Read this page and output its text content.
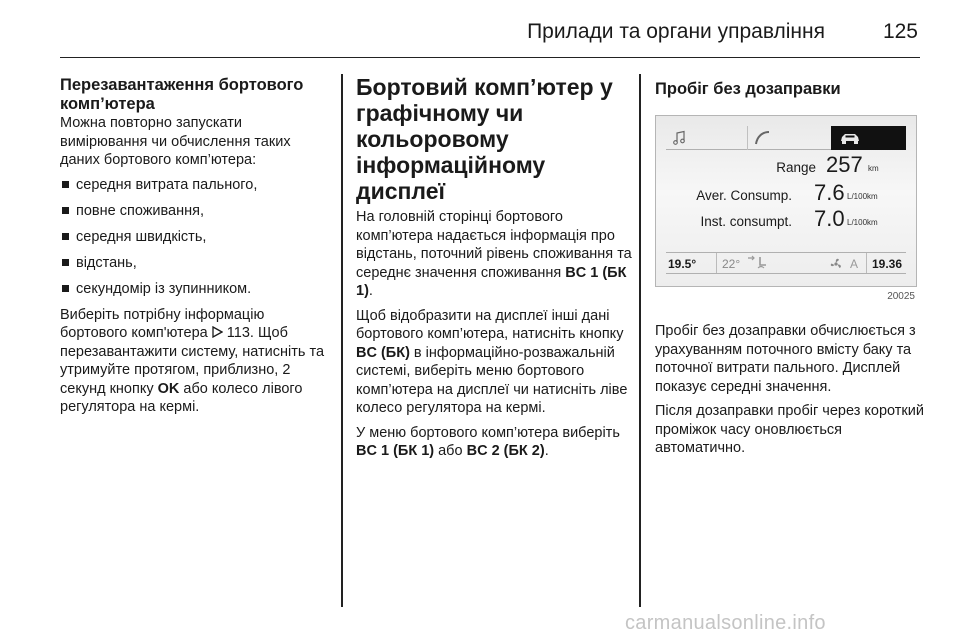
Прилади та органи управління	125
Перезавантаження бортового комп’ютера
Можна повторно запускати вимірювання чи обчислення таких даних бортового комп’ютера:
середня витрата пального,
повне споживання,
середня швидкість,
відстань,
секундомір із зупинником.
Виберіть потрібну інформацію бортового комп'ютера  113. Щоб перезавантажити систему, натисніть та утримуйте протягом, приблизно, 2 секунд кнопку OK або колесо лівого регулятора на кермі.
Бортовий комп’ютер у графічному чи кольоровому інформаційному дисплеї
На головній сторінці бортового комп’ютера надається інформація про відстань, поточний рівень споживання та середнє значення споживання BC 1 (БК 1).
Щоб відобразити на дисплеї інші дані бортового комп’ютера, натисніть кнопку BC (БК) в інформаційно-розважальній системі, виберіть меню бортового комп’ютера на дисплеї чи натисніть ліве колесо регулятора на кермі.
У меню бортового комп’ютера виберіть BC 1 (БК 1) або BC 2 (БК 2).
Пробіг без дозаправки
Range 257 km
Aver. Consump. 7.6 L/100km
Inst. consumpt. 7.0 L/100km
19.5° 22°	A 19.36
20025
Пробіг без дозаправки обчислюється з урахуванням поточного вмісту баку та поточної витрати пального. Дисплей показує середні значення.
Після дозаправки пробіг через короткий проміжок часу оновлюється автоматично.
carmanualsonline.info
